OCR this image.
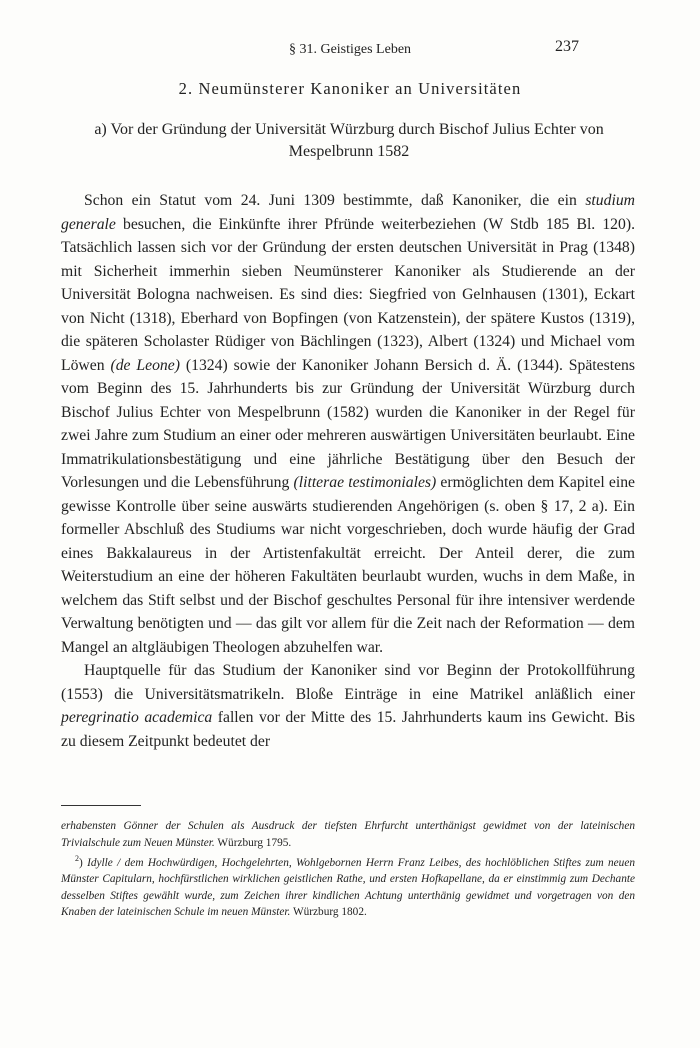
§ 31. Geistiges Leben	237
2. Neumünsterer Kanoniker an Universitäten
a) Vor der Gründung der Universität Würzburg durch Bischof Julius Echter von Mespelbrunn 1582

Schon ein Statut vom 24. Juni 1309 bestimmte, daß Kanoniker, die ein studium generale besuchen, die Einkünfte ihrer Pfründe weiterbeziehen (W Stdb 185 Bl. 120). Tatsächlich lassen sich vor der Gründung der ersten deutschen Universität in Prag (1348) mit Sicherheit immerhin sieben Neumünsterer Kanoniker als Studierende an der Universität Bologna nachweisen. Es sind dies: Siegfried von Gelnhausen (1301), Eckart von Nicht (1318), Eberhard von Bopfingen (von Katzenstein), der spätere Kustos (1319), die späteren Scholaster Rüdiger von Bächlingen (1323), Albert (1324) und Michael vom Löwen (de Leone) (1324) sowie der Kanoniker Johann Bersich d. Ä. (1344). Spätestens vom Beginn des 15. Jahrhunderts bis zur Gründung der Universität Würzburg durch Bischof Julius Echter von Mespelbrunn (1582) wurden die Kanoniker in der Regel für zwei Jahre zum Studium an einer oder mehreren auswärtigen Universitäten beurlaubt. Eine Immatrikulationsbestätigung und eine jährliche Bestätigung über den Besuch der Vorlesungen und die Lebensführung (litterae testimoniales) ermöglichten dem Kapitel eine gewisse Kontrolle über seine auswärts studierenden Angehörigen (s. oben § 17, 2 a). Ein formeller Abschluß des Studiums war nicht vorgeschrieben, doch wurde häufig der Grad eines Bakkalaureus in der Artistenfakultät erreicht. Der Anteil derer, die zum Weiterstudium an eine der höheren Fakultäten beurlaubt wurden, wuchs in dem Maße, in welchem das Stift selbst und der Bischof geschultes Personal für ihre intensiver werdende Verwaltung benötigten und — das gilt vor allem für die Zeit nach der Reformation — dem Mangel an altgläubigen Theologen abzuhelfen war.

Hauptquelle für das Studium der Kanoniker sind vor Beginn der Protokollführung (1553) die Universitätsmatrikeln. Bloße Einträge in eine Matrikel anläßlich einer peregrinatio academica fallen vor der Mitte des 15. Jahrhunderts kaum ins Gewicht. Bis zu diesem Zeitpunkt bedeutet der

erhabensten Gönner der Schulen als Ausdruck der tiefsten Ehrfurcht unterthänigst gewidmet von der lateinischen Trivialschule zum Neuen Münster. Würzburg 1795.

$^2$) Idylle / dem Hochwürdigen, Hochgelehrten, Wohlgebornen Herrn Franz Leibes, des hochlöblichen Stiftes zum neuen Münster Capitularn, hochfürstlichen wirklichen geistlichen Rathe, und ersten Hofkapellane, da er einstimmig zum Dechante desselben Stiftes gewählt wurde, zum Zeichen ihrer kindlichen Achtung unterthänig gewidmet und vorgetragen von den Knaben der lateinischen Schule im neuen Münster. Würzburg 1802.
